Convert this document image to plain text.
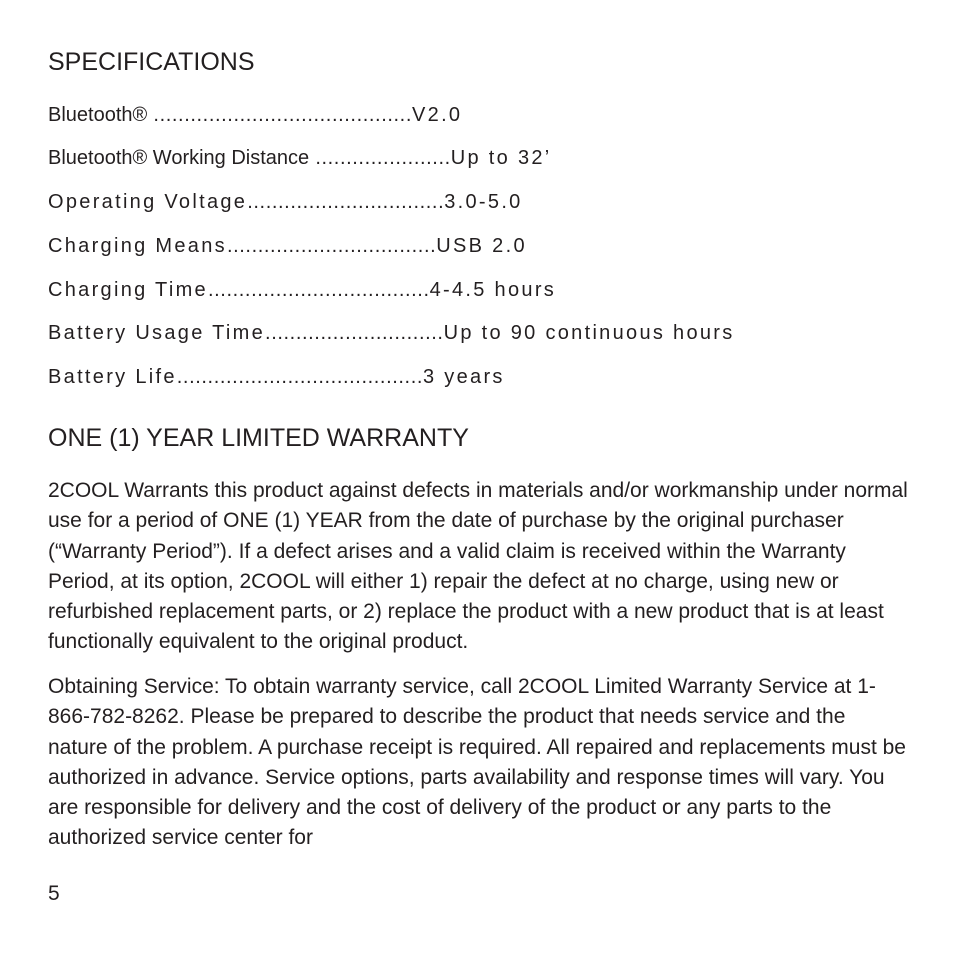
SPECIFICATIONS
Bluetooth® ..........................................V2.0
Bluetooth® Working Distance ......................Up to 32’
Operating Voltage................................3.0-5.0
Charging Means..................................USB 2.0
Charging Time....................................4-4.5 hours
Battery Usage Time.............................Up to 90 continuous hours
Battery Life........................................3 years
ONE (1) YEAR LIMITED WARRANTY

2COOL Warrants this product against defects in materials and/or workmanship under normal use for a period of ONE (1) YEAR from the date of purchase by the original purchaser (“Warranty Period”). If a defect arises and a valid claim is received within the Warranty Period, at its option, 2COOL will either 1) repair the defect at no charge, using new or refurbished replacement parts, or 2) replace the product with a new product that is at least functionally equivalent to the original product.

Obtaining Service: To obtain warranty service, call 2COOL Limited Warranty Service at 1-866-782-8262. Please be prepared to describe the product that needs service and the nature of the problem. A purchase receipt is required. All repaired and replacements must be authorized in advance. Service options, parts availability and response times will vary. You are responsible for delivery and the cost of delivery of the product or any parts to the authorized service center for

5
